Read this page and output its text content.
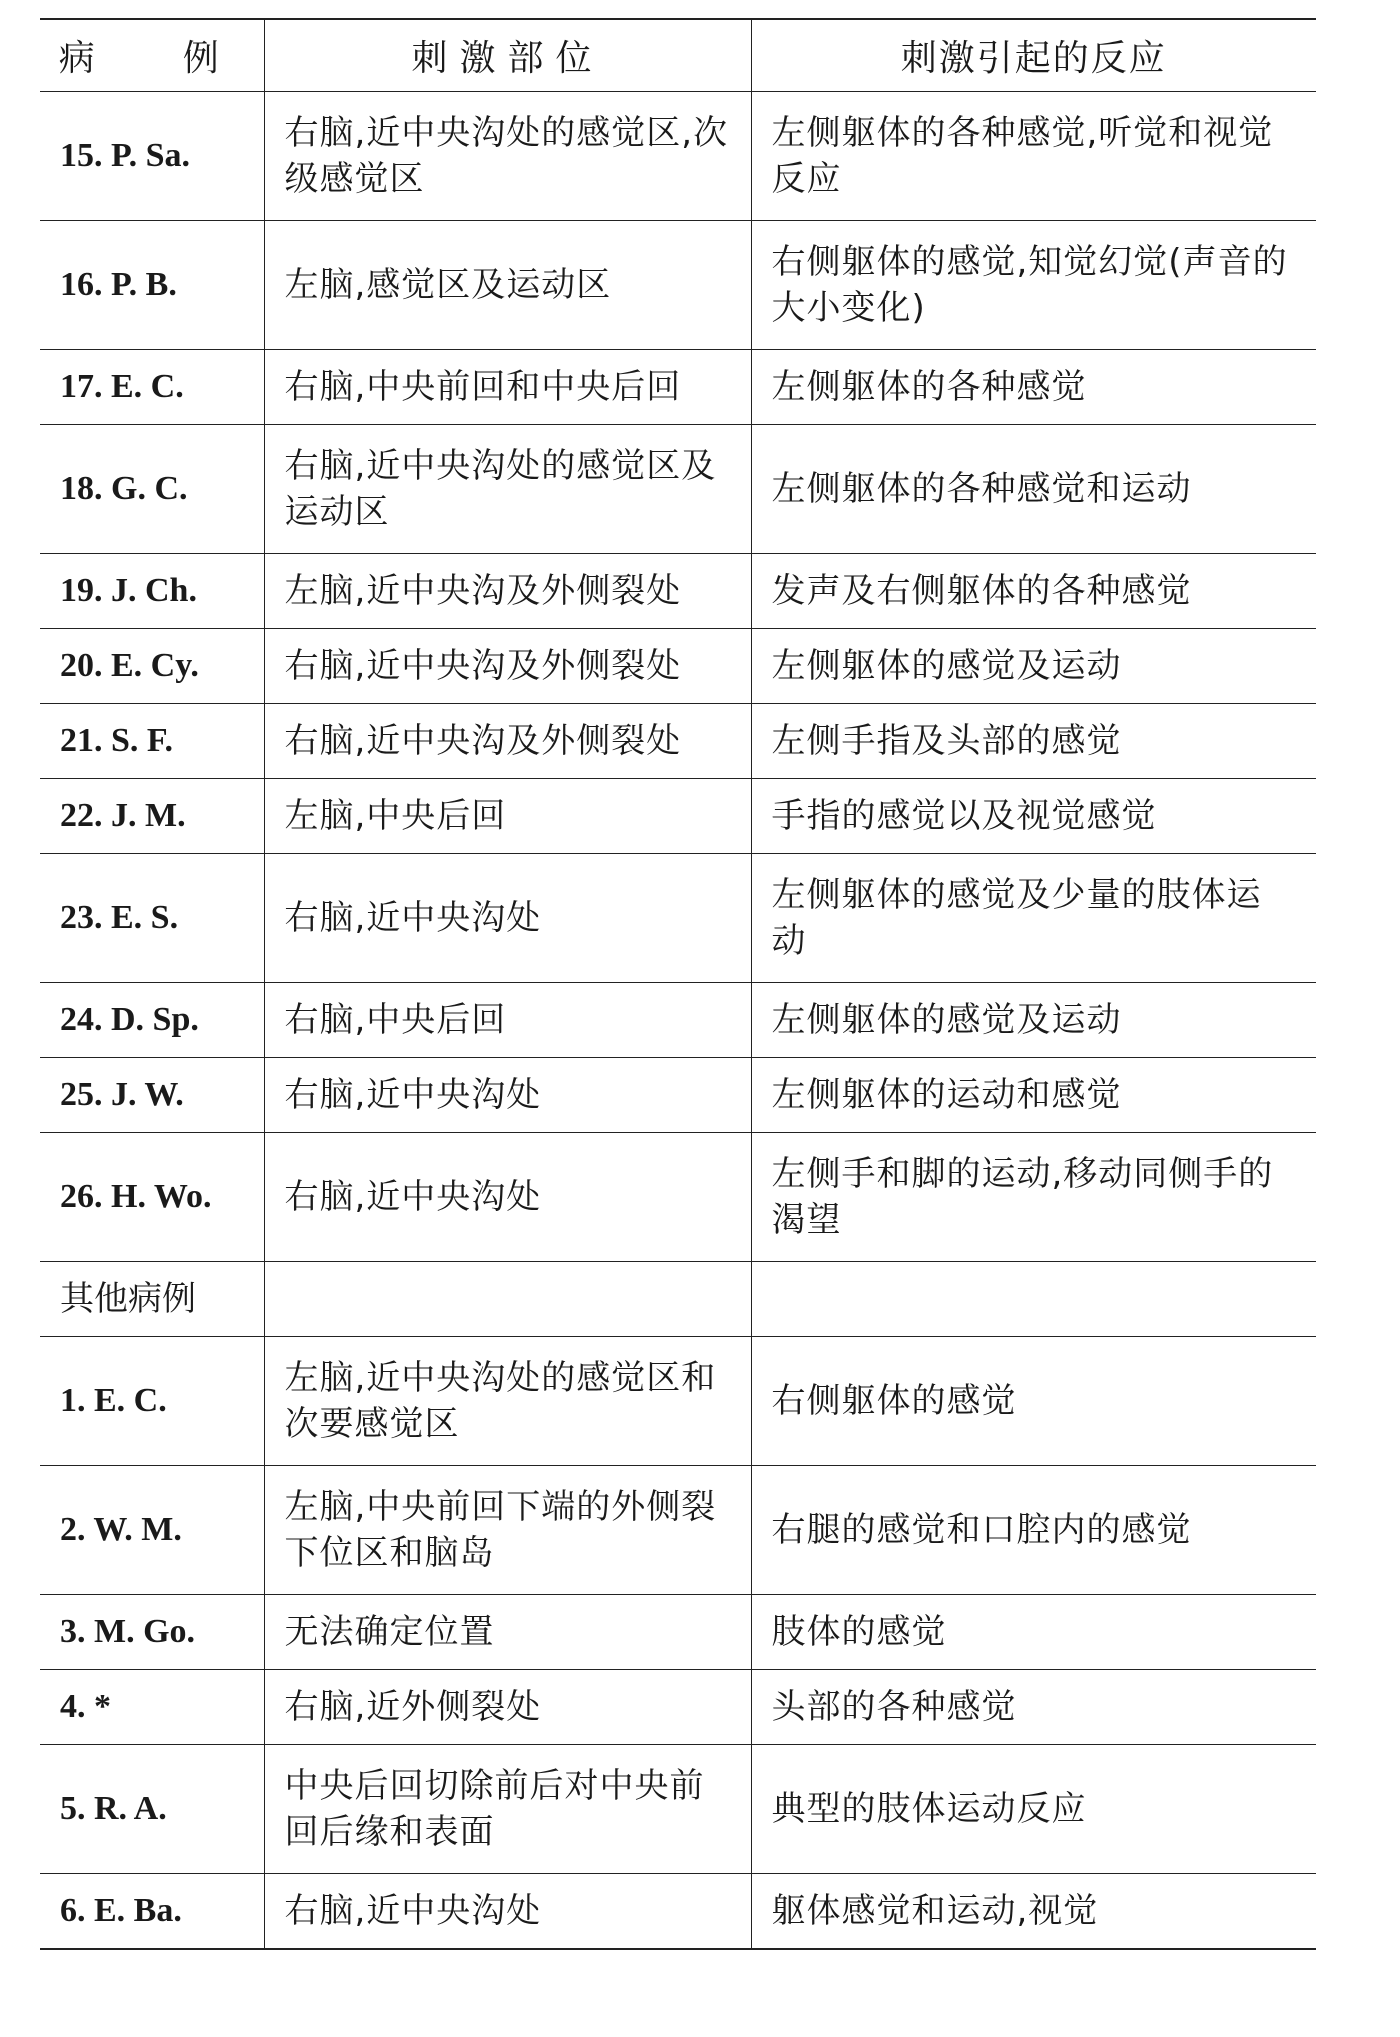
病　例	刺激部位	刺激引起的反应
15. P. Sa.	右脑,近中央沟处的感觉区,次级感觉区	左侧躯体的各种感觉,听觉和视觉反应
16. P. B.	左脑,感觉区及运动区	右侧躯体的感觉,知觉幻觉(声音的大小变化)
17. E. C.	右脑,中央前回和中央后回	左侧躯体的各种感觉
18. G. C.	右脑,近中央沟处的感觉区及运动区	左侧躯体的各种感觉和运动
19. J. Ch.	左脑,近中央沟及外侧裂处	发声及右侧躯体的各种感觉
20. E. Cy.	右脑,近中央沟及外侧裂处	左侧躯体的感觉及运动
21. S. F.	右脑,近中央沟及外侧裂处	左侧手指及头部的感觉
22. J. M.	左脑,中央后回	手指的感觉以及视觉感觉
23. E. S.	右脑,近中央沟处	左侧躯体的感觉及少量的肢体运动
24. D. Sp.	右脑,中央后回	左侧躯体的感觉及运动
25. J. W.	右脑,近中央沟处	左侧躯体的运动和感觉
26. H. Wo.	右脑,近中央沟处	左侧手和脚的运动,移动同侧手的渴望
其他病例		
1. E. C.	左脑,近中央沟处的感觉区和次要感觉区	右侧躯体的感觉
2. W. M.	左脑,中央前回下端的外侧裂下位区和脑岛	右腿的感觉和口腔内的感觉
3. M. Go.	无法确定位置	肢体的感觉
4. *	右脑,近外侧裂处	头部的各种感觉
5. R. A.	中央后回切除前后对中央前回后缘和表面	典型的肢体运动反应
6. E. Ba.	右脑,近中央沟处	躯体感觉和运动,视觉
